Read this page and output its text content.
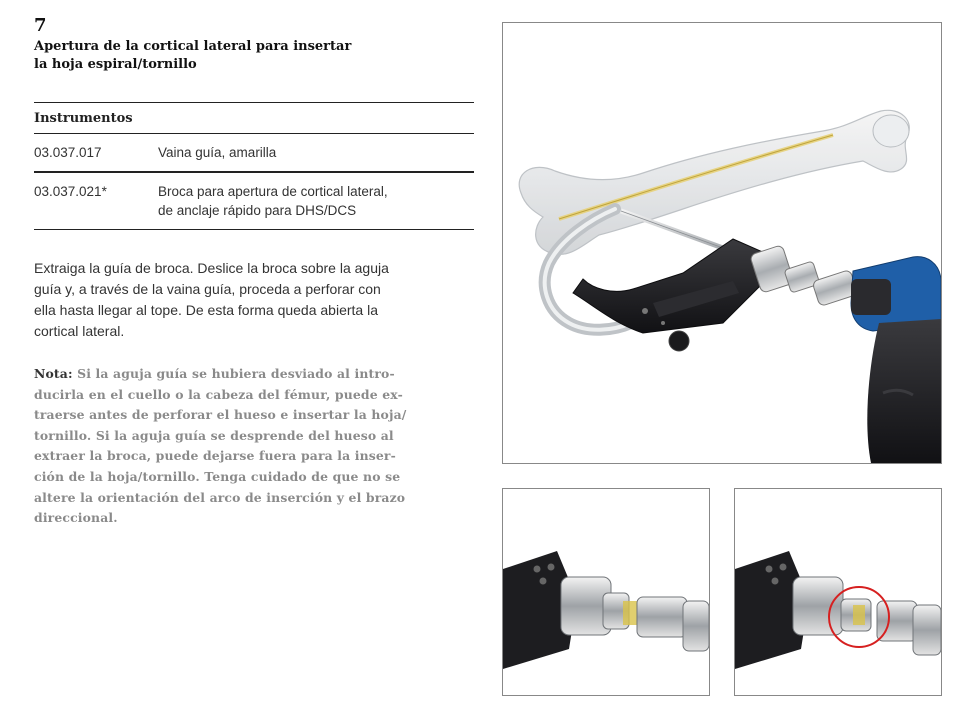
7
Apertura de la cortical lateral para insertar
la hoja espiral/tornillo
Instrumentos	
03.037.017	Vaina guía, amarilla
03.037.021*	Broca para apertura de cortical lateral,
de anclaje rápido para DHS/DCS
Extraiga la guía de broca. Deslice la broca sobre la aguja
guía y, a través de la vaina guía, proceda a perforar con
ella hasta llegar al tope. De esta forma queda abierta la
cortical lateral.
Nota: Si la aguja guía se hubiera desviado al intro-
ducirla en el cuello o la cabeza del fémur, puede ex-
traerse antes de perforar el hueso e insertar la hoja/
tornillo. Si la aguja guía se desprende del hueso al
extraer la broca, puede dejarse fuera para la inser-
ción de la hoja/tornillo. Tenga cuidado de que no se
altere la orientación del arco de inserción y el brazo
direccional.
